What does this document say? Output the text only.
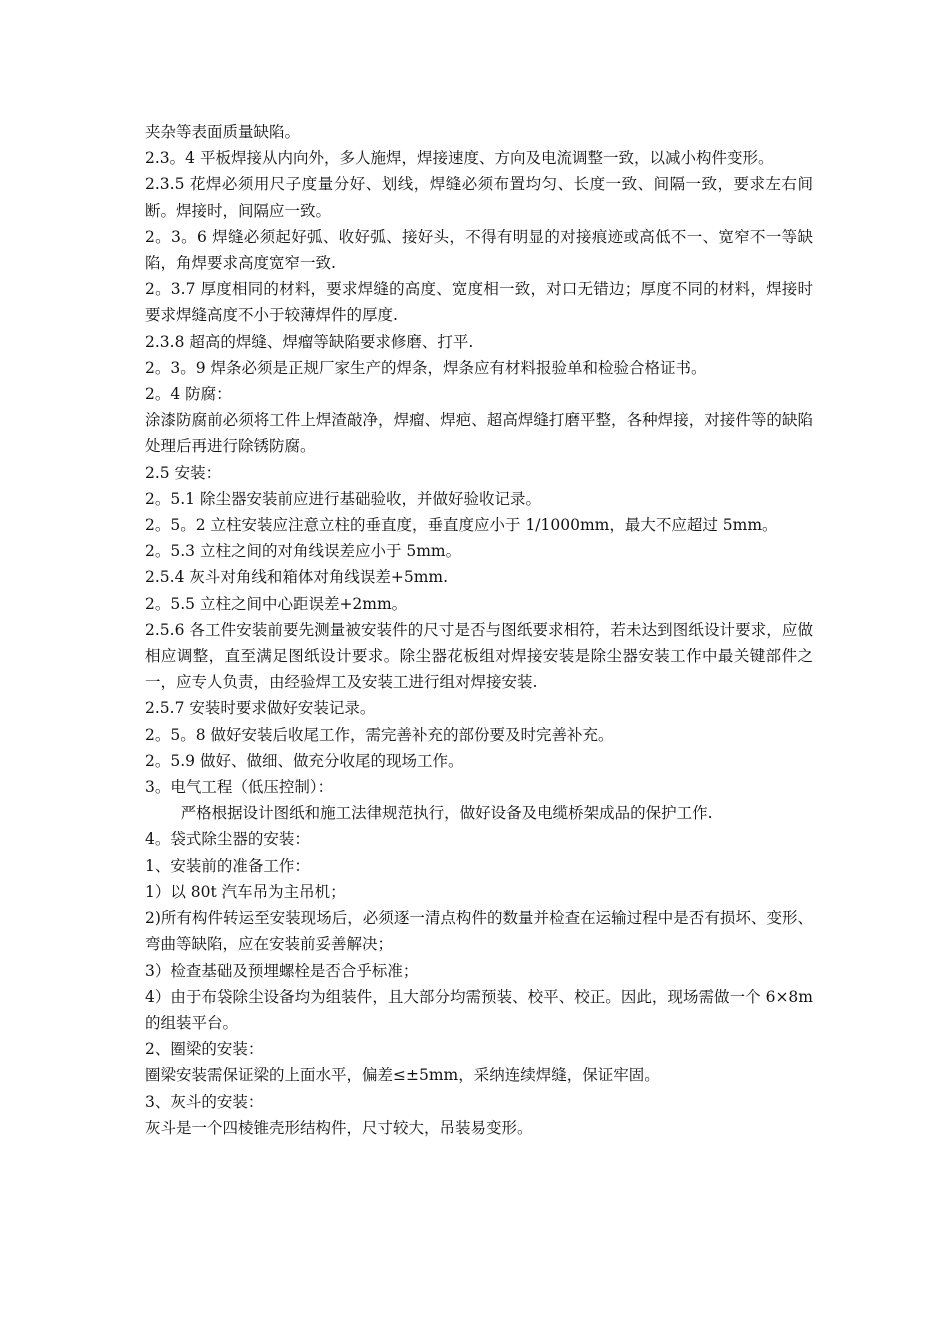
夹杂等表面质量缺陷。

2.3。4 平板焊接从内向外，多人施焊，焊接速度、方向及电流调整一致，以减小构件变形。

2.3.5 花焊必须用尺子度量分好、划线，焊缝必须布置均匀、长度一致、间隔一致，要求左右间断。焊接时，间隔应一致。

2。3。6 焊缝必须起好弧、收好弧、接好头，不得有明显的对接痕迹或高低不一、宽窄不一等缺陷，角焊要求高度宽窄一致.

2。3.7 厚度相同的材料，要求焊缝的高度、宽度相一致，对口无错边；厚度不同的材料，焊接时要求焊缝高度不小于较薄焊件的厚度.

2.3.8 超高的焊缝、焊瘤等缺陷要求修磨、打平.

2。3。9 焊条必须是正规厂家生产的焊条，焊条应有材料报验单和检验合格证书。

2。4 防腐：

涂漆防腐前必须将工件上焊渣敲净，焊瘤、焊疤、超高焊缝打磨平整，各种焊接，对接件等的缺陷处理后再进行除锈防腐。

2.5 安装：

2。5.1 除尘器安装前应进行基础验收，并做好验收记录。

2。5。2 立柱安装应注意立柱的垂直度，垂直度应小于 1/1000mm，最大不应超过 5mm。

2。5.3 立柱之间的对角线误差应小于 5mm。

2.5.4 灰斗对角线和箱体对角线误差+5mm.

2。5.5 立柱之间中心距误差+2mm。

2.5.6 各工件安装前要先测量被安装件的尺寸是否与图纸要求相符，若未达到图纸设计要求，应做相应调整，直至满足图纸设计要求。除尘器花板组对焊接安装是除尘器安装工作中最关键部件之一，应专人负责，由经验焊工及安装工进行组对焊接安装.

2.5.7 安装时要求做好安装记录。

2。5。8 做好安装后收尾工作，需完善补充的部份要及时完善补充。

2。5.9 做好、做细、做充分收尾的现场工作。

3。电气工程（低压控制）：

严格根据设计图纸和施工法律规范执行，做好设备及电缆桥架成品的保护工作.

4。袋式除尘器的安装：

1、安装前的准备工作：

1）以 80t 汽车吊为主吊机；

2)所有构件转运至安装现场后，必须逐一清点构件的数量并检查在运输过程中是否有损坏、变形、弯曲等缺陷，应在安装前妥善解决；

3）检查基础及预埋螺栓是否合乎标准；

4）由于布袋除尘设备均为组装件，且大部分均需预装、校平、校正。因此，现场需做一个 6×8m 的组装平台。

2、圈梁的安装：

圈梁安装需保证梁的上面水平，偏差≤±5mm，采纳连续焊缝，保证牢固。

3、灰斗的安装：

灰斗是一个四棱锥壳形结构件，尺寸较大，吊装易变形。
